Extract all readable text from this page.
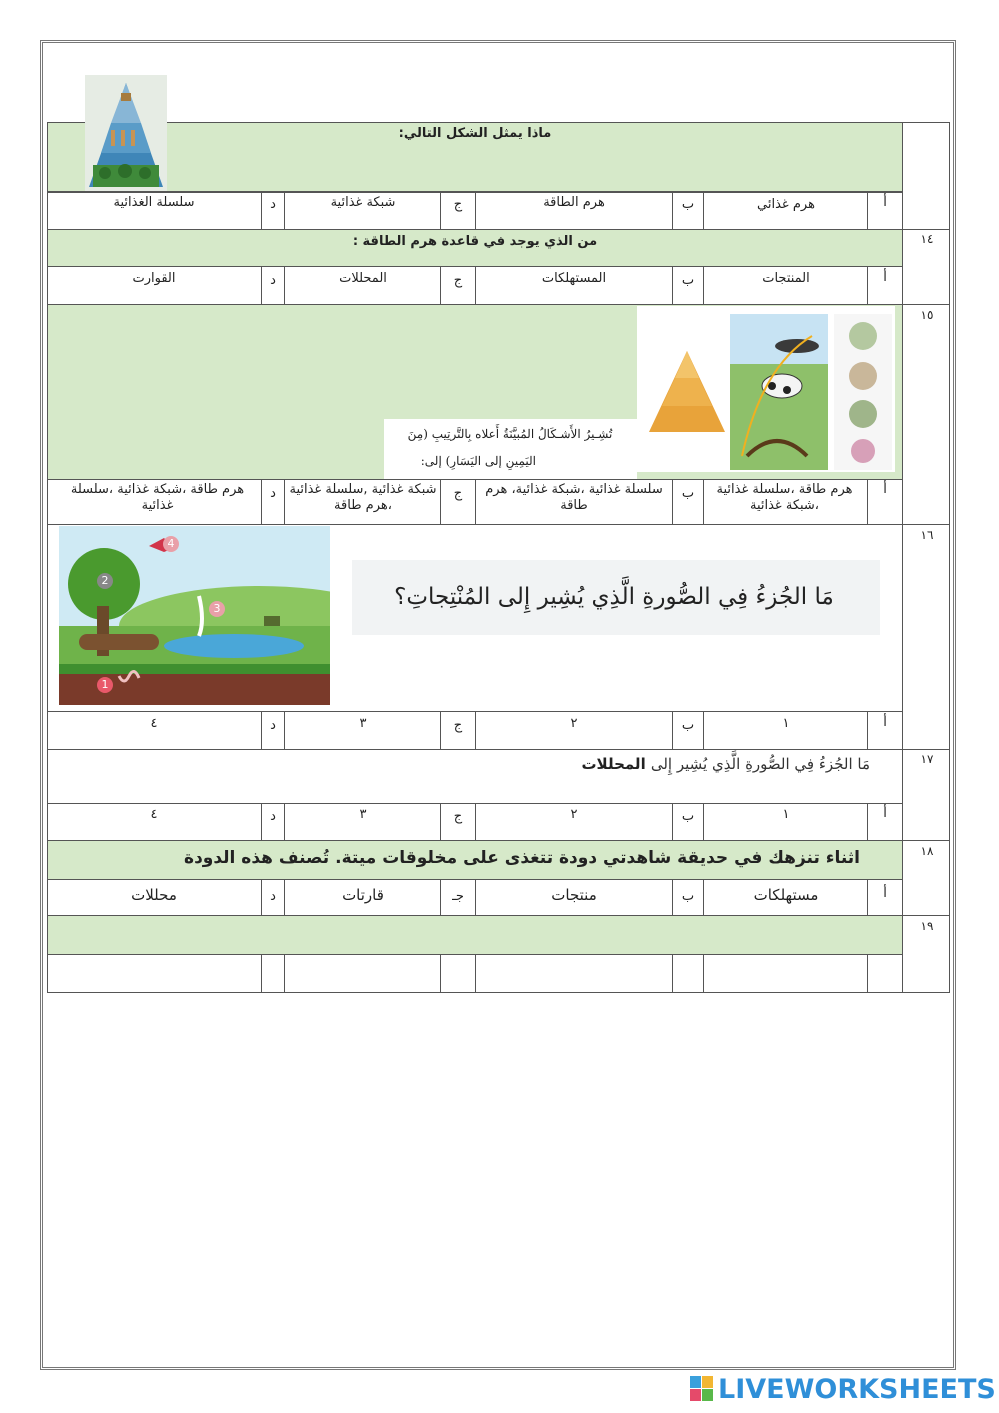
ماذا يمثل الشكل التالي:
أ
هرم غذائي
ب
هرم الطاقة
ج
شبكة غذائية
د
سلسلة الغذائية
١٤
من الذي يوجد في قاعدة هرم الطاقة :
أ
المنتجات
ب
المستهلكات
ج
المحللات
د
القوارت
١٥
تُشِـيرُ الأَشـكَالُ المُبيَّنَةُ أَعلاه بِالتَّرتِيبِ (مِنَ
اليَمِينِ إلى اليَسَارِ) إلى:
أ
هرم طاقة ،سلسلة غذائية ،شبكة غذائية
ب
سلسلة غذائية ،شبكة غذائية، هرم طاقة
ج
شبكة غذائية ,سلسلة غذائية ،هرم طاقة
د
هرم طاقة ،شبكة غذائية ،سلسلة غذائية
١٦
1
2
3
4
مَا الجُزءُ فِي الصُّورةِ الَّذِي يُشِير إِلى المُنْتِجاتِ؟
أ
١
ب
٢
ج
٣
د
٤
١٧
مَا الجُزءُ فِي الصُّورةِ الَّذِي يُشِير إِلى المحللات
أ
١
ب
٢
ج
٣
د
٤
١٨
اثناء تنزهك في حديقة شاهدتي دودة تتغذى على مخلوقات ميتة. تُصنف هذه الدودة
أ
مستهلكات
ب
منتجات
جـ
قارتات
د
محللات
١٩
LIVEWORKSHEETS
